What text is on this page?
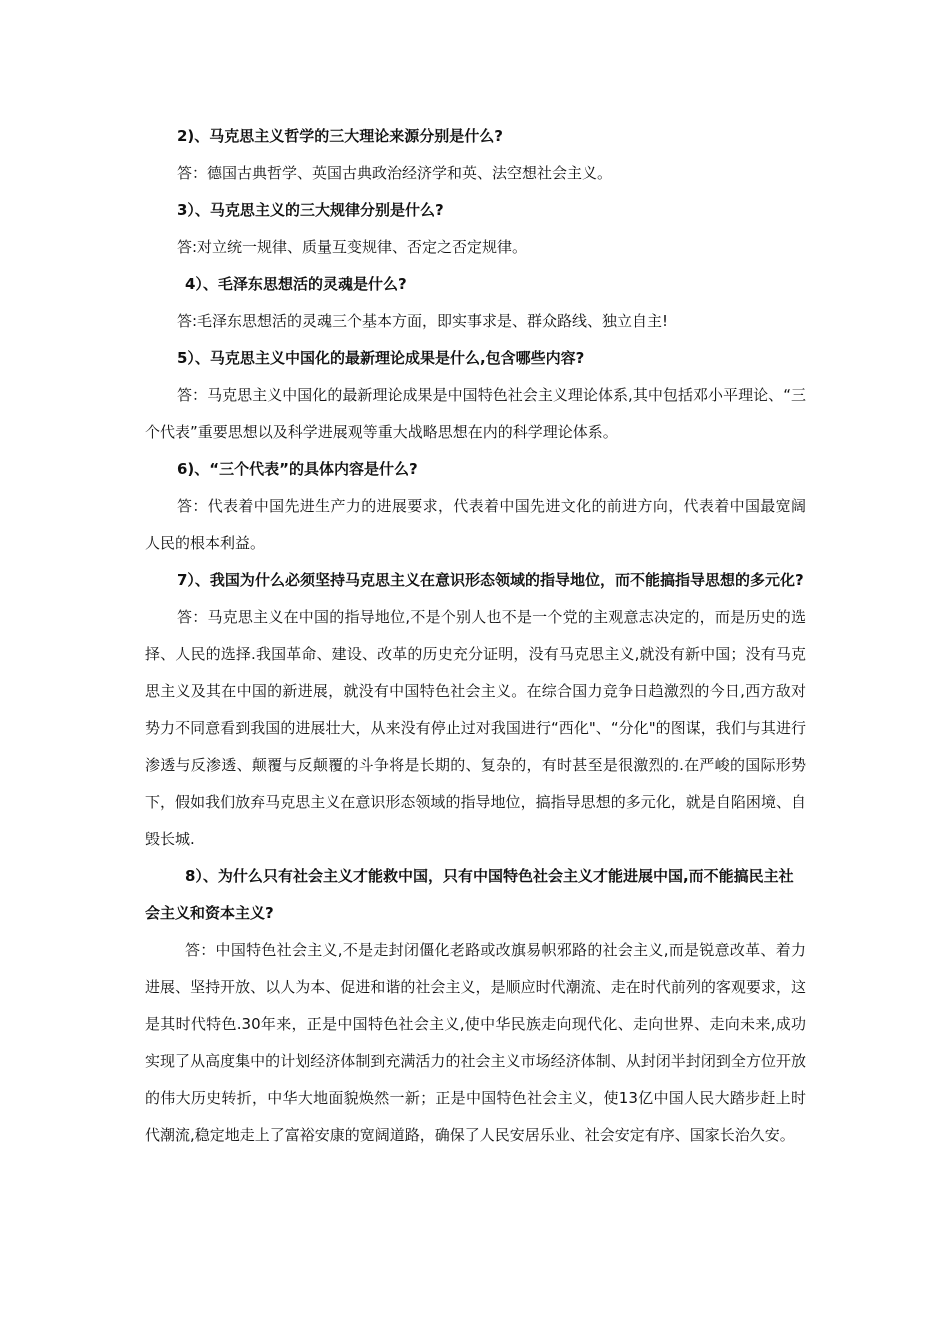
2)、马克思主义哲学的三大理论来源分别是什么?

答：德国古典哲学、英国古典政治经济学和英、法空想社会主义。

3）、马克思主义的三大规律分别是什么?

答:对立统一规律、质量互变规律、否定之否定规律。

4）、毛泽东思想活的灵魂是什么?

答:毛泽东思想活的灵魂三个基本方面，即实事求是、群众路线、独立自主!

5）、马克思主义中国化的最新理论成果是什么,包含哪些内容?

答：马克思主义中国化的最新理论成果是中国特色社会主义理论体系,其中包括邓小平理论、“三个代表”重要思想以及科学进展观等重大战略思想在内的科学理论体系。

6)、“三个代表”的具体内容是什么?

答：代表着中国先进生产力的进展要求，代表着中国先进文化的前进方向，代表着中国最宽阔人民的根本利益。

7）、我国为什么必须坚持马克思主义在意识形态领域的指导地位，而不能搞指导思想的多元化?

答：马克思主义在中国的指导地位,不是个别人也不是一个党的主观意志决定的，而是历史的选择、人民的选择.我国革命、建设、改革的历史充分证明，没有马克思主义,就没有新中国；没有马克思主义及其在中国的新进展，就没有中国特色社会主义。在综合国力竞争日趋激烈的今日,西方敌对势力不同意看到我国的进展壮大，从来没有停止过对我国进行“西化"、“分化"的图谋，我们与其进行渗透与反渗透、颠覆与反颠覆的斗争将是长期的、复杂的，有时甚至是很激烈的.在严峻的国际形势下，假如我们放弃马克思主义在意识形态领域的指导地位，搞指导思想的多元化，就是自陷困境、自毁长城.

8）、为什么只有社会主义才能救中国，只有中国特色社会主义才能进展中国,而不能搞民主社会主义和资本主义?

答：中国特色社会主义,不是走封闭僵化老路或改旗易帜邪路的社会主义,而是锐意改革、着力进展、坚持开放、以人为本、促进和谐的社会主义，是顺应时代潮流、走在时代前列的客观要求，这是其时代特色.30年来，正是中国特色社会主义,使中华民族走向现代化、走向世界、走向未来,成功实现了从高度集中的计划经济体制到充满活力的社会主义市场经济体制、从封闭半封闭到全方位开放的伟大历史转折，中华大地面貌焕然一新；正是中国特色社会主义，使13亿中国人民大踏步赶上时代潮流,稳定地走上了富裕安康的宽阔道路，确保了人民安居乐业、社会安定有序、国家长治久安。
